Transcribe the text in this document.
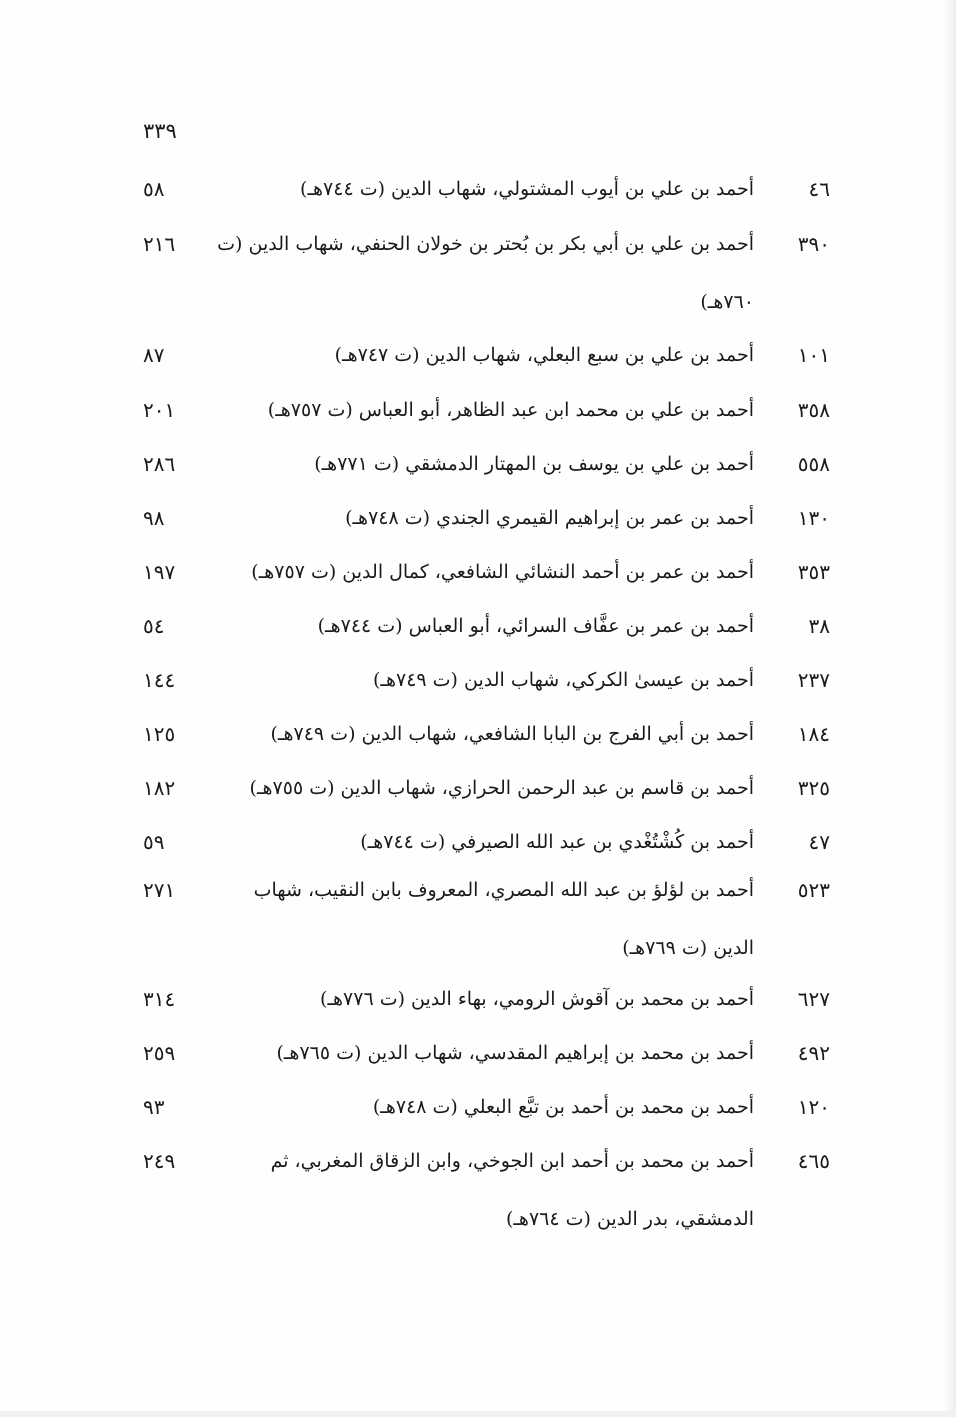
٣٣٩
٤٦
أحمد بن علي بن أيوب المشتولي، شهاب الدين (ت ٧٤٤هـ)
٥٨
٣٩٠
أحمد بن علي بن أبي بكر بن بُحتر بن خولان الحنفي، شهاب الدين (ت ٧٦٠هـ)
٢١٦
١٠١
أحمد بن علي بن سبع البعلي، شهاب الدين (ت ٧٤٧هـ)
٨٧
٣٥٨
أحمد بن علي بن محمد ابن عبد الظاهر، أبو العباس (ت ٧٥٧هـ)
٢٠١
٥٥٨
أحمد بن علي بن يوسف بن المهتار الدمشقي (ت ٧٧١هـ)
٢٨٦
١٣٠
أحمد بن عمر بن إبراهيم القيمري الجندي (ت ٧٤٨هـ)
٩٨
٣٥٣
أحمد بن عمر بن أحمد النشائي الشافعي، كمال الدين (ت ٧٥٧هـ)
١٩٧
٣٨
أحمد بن عمر بن عفَّاف السرائي، أبو العباس (ت ٧٤٤هـ)
٥٤
٢٣٧
أحمد بن عيسىٰ الكركي، شهاب الدين (ت ٧٤٩هـ)
١٤٤
١٨٤
أحمد بن أبي الفرج بن البابا الشافعي، شهاب الدين (ت ٧٤٩هـ)
١٢٥
٣٢٥
أحمد بن قاسم بن عبد الرحمن الحرازي، شهاب الدين (ت ٧٥٥هـ)
١٨٢
٤٧
أحمد بن كُشْتُغْدي بن عبد الله الصيرفي (ت ٧٤٤هـ)
٥٩
٥٢٣
أحمد بن لؤلؤ بن عبد الله المصري، المعروف بابن النقيب، شهاب الدين (ت ٧٦٩هـ)
٢٧١
٦٢٧
أحمد بن محمد بن آقوش الرومي، بهاء الدين (ت ٧٧٦هـ)
٣١٤
٤٩٢
أحمد بن محمد بن إبراهيم المقدسي، شهاب الدين (ت ٧٦٥هـ)
٢٥٩
١٢٠
أحمد بن محمد بن أحمد بن تبَّع البعلي (ت ٧٤٨هـ)
٩٣
٤٦٥
أحمد بن محمد بن أحمد ابن الجوخي، وابن الزقاق المغربي، ثم الدمشقي، بدر الدين (ت ٧٦٤هـ)
٢٤٩
